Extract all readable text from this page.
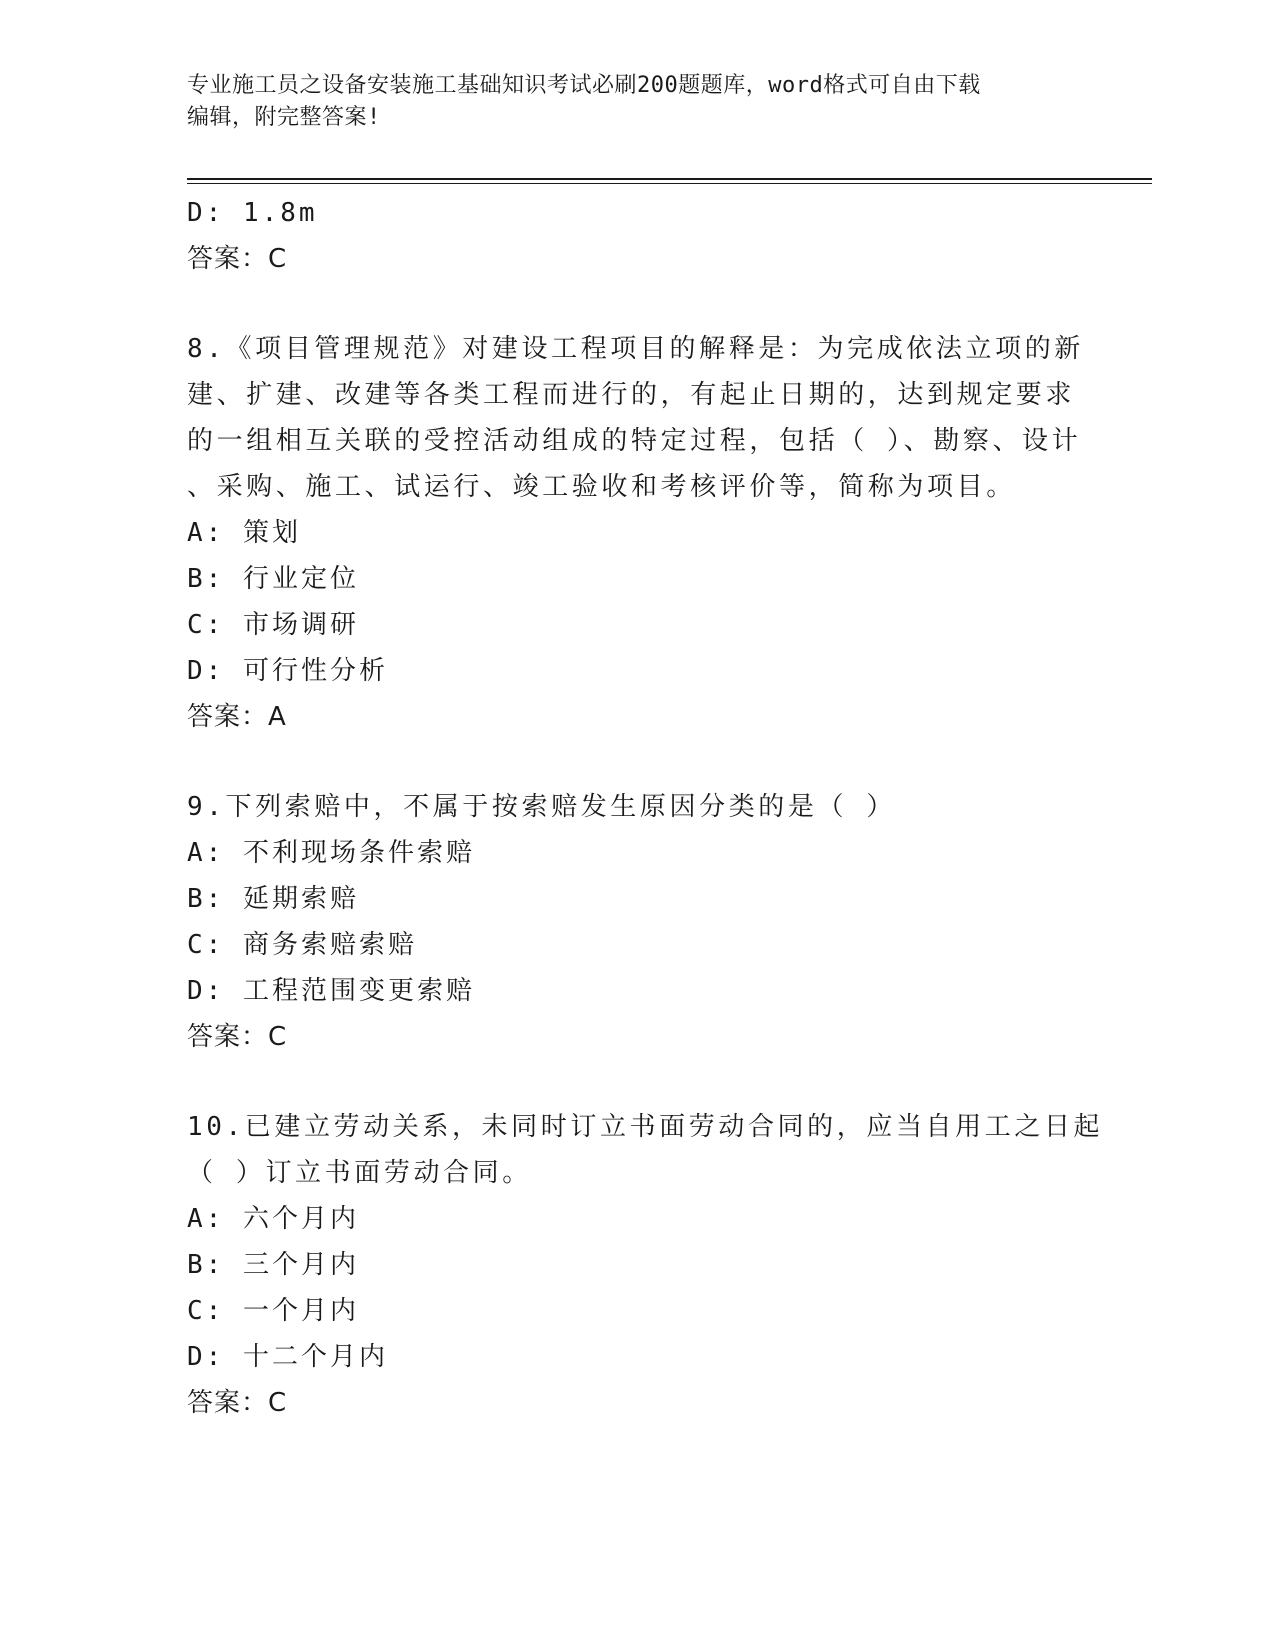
专业施工员之设备安装施工基础知识考试必刷200题题库，word格式可自由下载
编辑，附完整答案!
D: 1.8m
答案：C
8.《项目管理规范》对建设工程项目的解释是：为完成依法立项的新
建、扩建、改建等各类工程而进行的，有起止日期的，达到规定要求
的一组相互关联的受控活动组成的特定过程，包括（ ）、勘察、设计
、采购、施工、试运行、竣工验收和考核评价等，简称为项目。
A: 策划
B: 行业定位
C: 市场调研
D: 可行性分析
答案：A
9.下列索赔中，不属于按索赔发生原因分类的是（ ）
A: 不利现场条件索赔
B: 延期索赔
C: 商务索赔索赔
D: 工程范围变更索赔
答案：C
10.已建立劳动关系，未同时订立书面劳动合同的，应当自用工之日起
（ ）订立书面劳动合同。
A: 六个月内
B: 三个月内
C: 一个月内
D: 十二个月内
答案：C
